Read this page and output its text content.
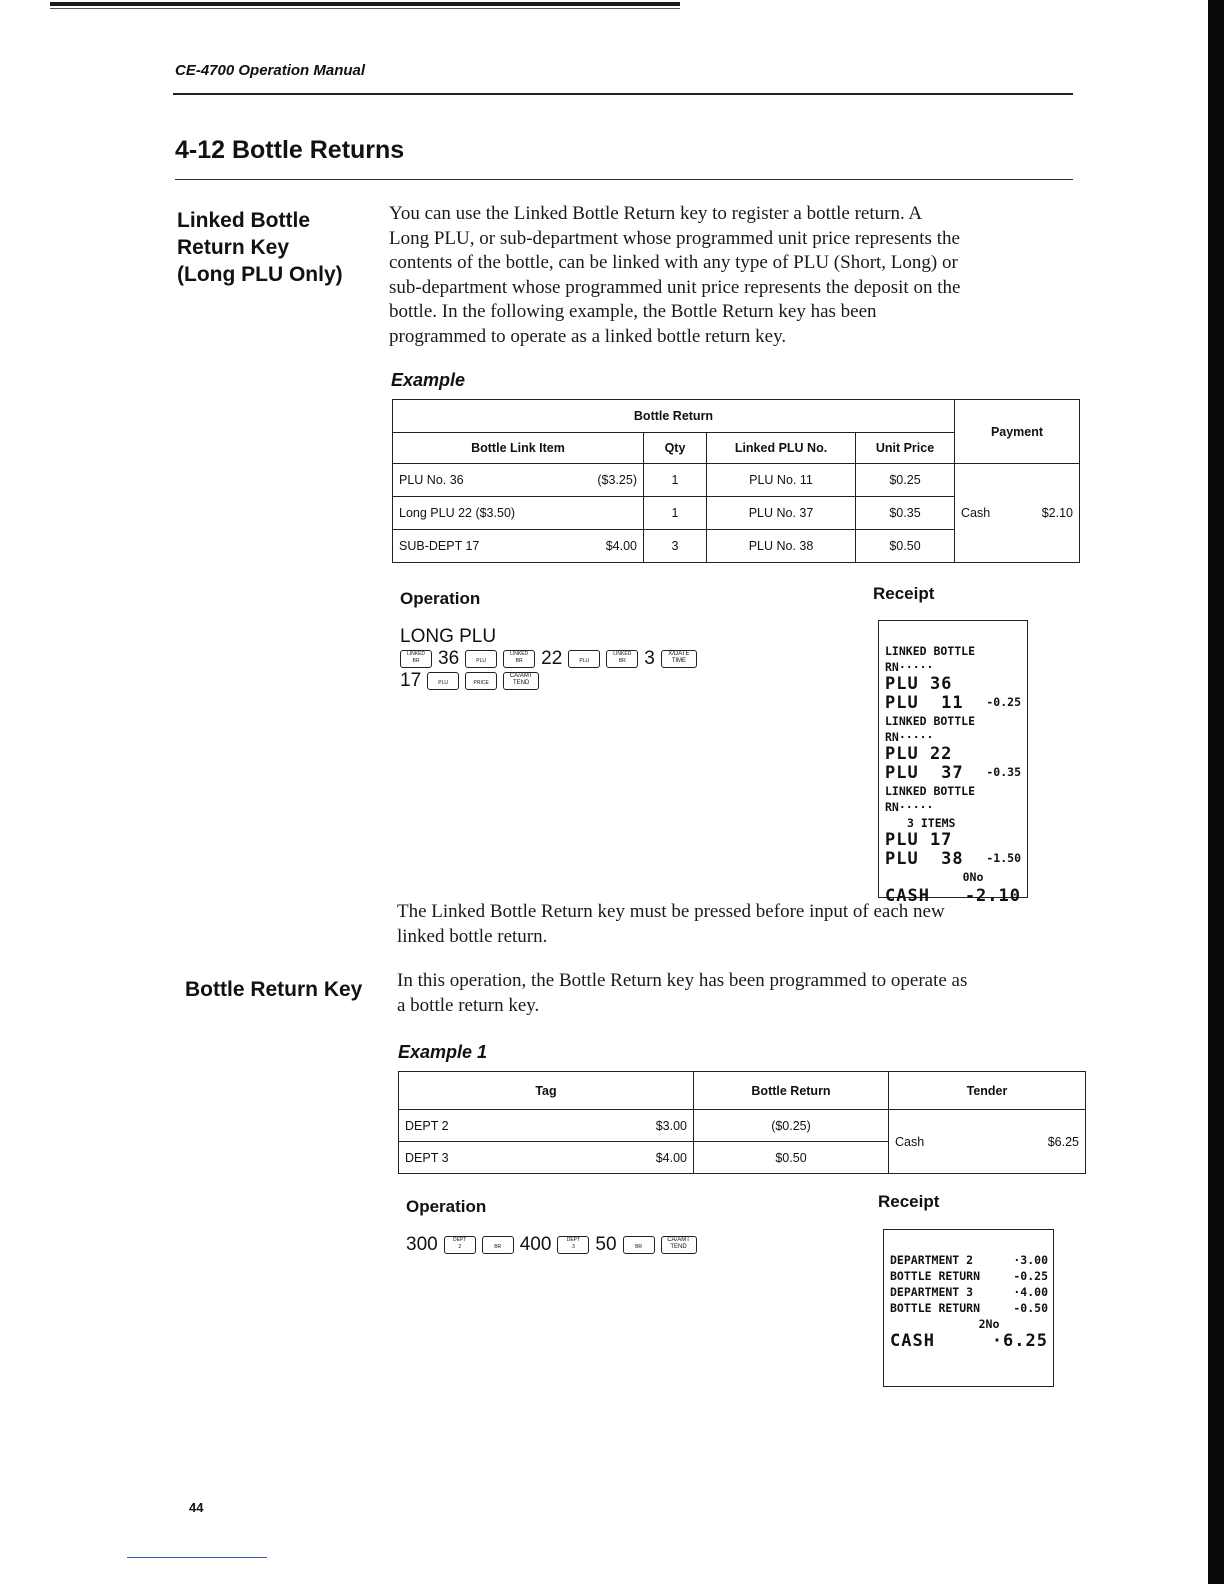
CE-4700 Operation Manual
4-12 Bottle Returns
Linked Bottle
Return Key
(Long PLU Only)
You can use the Linked Bottle Return key to register a bottle return. A
Long PLU, or sub-department whose programmed unit price represents the
contents of the bottle, can be linked with any type of PLU (Short, Long) or
sub-department whose programmed unit price represents the deposit on the
bottle. In the following example, the Bottle Return key has been
programmed to operate as a linked bottle return key.
Example
Bottle Return				Payment
Bottle Link Item	Qty	Linked PLU No.	Unit Price	

PLU No. 36 ($3.25)	1	PLU No. 11	$0.25	Cash $2.10

Long PLU 22 ($3.50)	1	PLU No. 37	$0.35	

SUB-DEPT 17 $4.00	3	PLU No. 38	$0.50	
Operation	Receipt
LONG PLU
LINKED
BR 36	PLU
LINKED
BR 22	PLU
LINKED
BR 3	X/DATE
TIME
17	PLU	PRICE
CA/AMT
TEND
LINKED BOTTLE RN·····
PLU 36
PLU  11 -0.25
LINKED BOTTLE RN·····
PLU 22
PLU  37 -0.35
LINKED BOTTLE RN·····
3 ITEMS
PLU 17
PLU  38 -1.50
0No
CASH -2.10
The Linked Bottle Return key must be pressed before input of each new
linked bottle return.
Bottle Return Key In this operation, the Bottle Return key has been programmed to operate as
a bottle return key.
Example 1
Tag	Bottle Return	Tender

DEPT 2 $3.00	($0.25)	Cash $6.25

DEPT 3 $4.00	$0.50	
Operation	Receipt
300	DEPT
2	BR 400	DEPT
3	50	BR
CA/AMT
TEND
DEPARTMENT 2	·3.00
BOTTLE RETURN	-0.25
DEPARTMENT 3	·4.00
BOTTLE RETURN	-0.50
2No
CASH	·6.25
44
